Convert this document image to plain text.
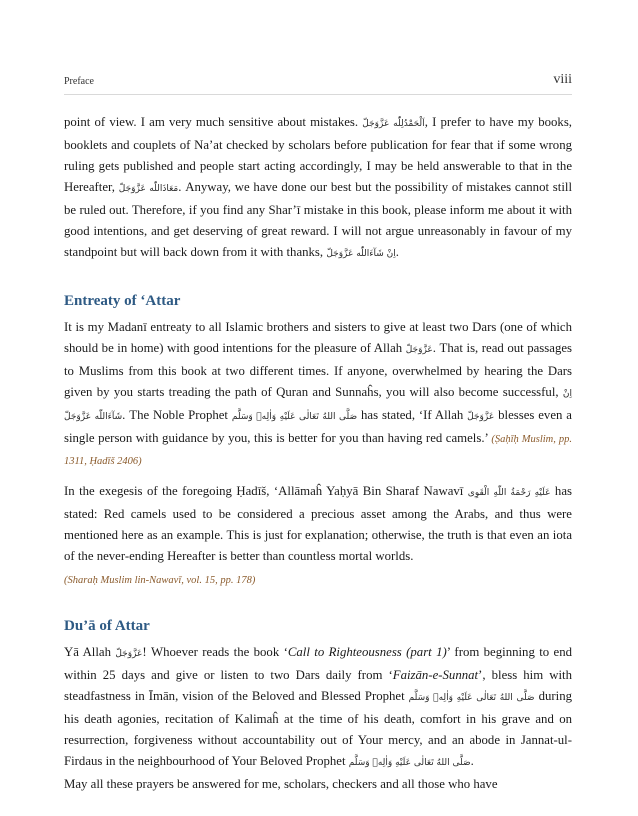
Preface	viii

point of view. I am very much sensitive about mistakes. اَلْحَمْدُلِلّٰه عَزَّوَجَلّ, I prefer to have my books, booklets and couplets of Na’at checked by scholars before publication for fear that if some wrong ruling gets published and people start acting accordingly, I may be held answerable to that in the Hereafter, مَعَاذَاللّٰه عَزَّوَجَلّ. Anyway, we have done our best but the possibility of mistakes cannot still be ruled out. Therefore, if you find any Shar’ī mistake in this book, please inform me about it with good intentions, and get deserving of great reward. I will not argue unreasonably in favour of my standpoint but will back down from it with thanks, اِنْ شَآءَاللّٰه عَزَّوَجَلّ.

Entreaty of ‘Attar

It is my Madanī entreaty to all Islamic brothers and sisters to give at least two Dars (one of which should be in home) with good intentions for the pleasure of Allah عَزَّوَجَلّ. That is, read out passages to Muslims from this book at two different times. If anyone, overwhelmed by hearing the Dars given by you starts treading the path of Quran and Sunnaĥs, you will also become successful, اِنْ شَآءَاللّٰه عَزَّوَجَلّ. The Noble Prophet صَلَّى اللهُ تَعَالٰی عَلَيْهِ وَاٰلِهٖ وَسَلَّم has stated, ‘If Allah عَزَّوَجَلّ blesses even a single person with guidance by you, this is better for you than having red camels.’ (Ṣaḥīḥ Muslim, pp. 1311, Ḥadīš 2406)

In the exegesis of the foregoing Ḥadīš, ‘Allāmaĥ Yaḥyā Bin Sharaf Nawavī عَلَيْهِ رَحْمَةُ اللّٰهِ الْقَوِی has stated: Red camels used to be considered a precious asset among the Arabs, and thus were mentioned here as an example. This is just for explanation; otherwise, the truth is that even an iota of the never-ending Hereafter is better than countless mortal worlds.

(Sharaḥ Muslim lin-Nawavī, vol. 15, pp. 178)

Du’ā of Attar

Yā Allah عَزَّوَجَلّ! Whoever reads the book ‘Call to Righteousness (part 1)’ from beginning to end within 25 days and give or listen to two Dars daily from ‘Faizān-e-Sunnat’, bless him with steadfastness in Īmān, vision of the Beloved and Blessed Prophet صَلَّى اللهُ تَعَالٰی عَلَيْهِ وَاٰلِهٖ وَسَلَّم during his death agonies, recitation of Kalimaĥ at the time of his death, comfort in his grave and on resurrection, forgiveness without accountability out of Your mercy, and an abode in Jannat-ul-Firdaus in the neighbourhood of Your Beloved Prophet صَلَّى اللهُ تَعَالٰی عَلَيْهِ وَاٰلِهٖ وَسَلَّم.
May all these prayers be answered for me, scholars, checkers and all those who have
